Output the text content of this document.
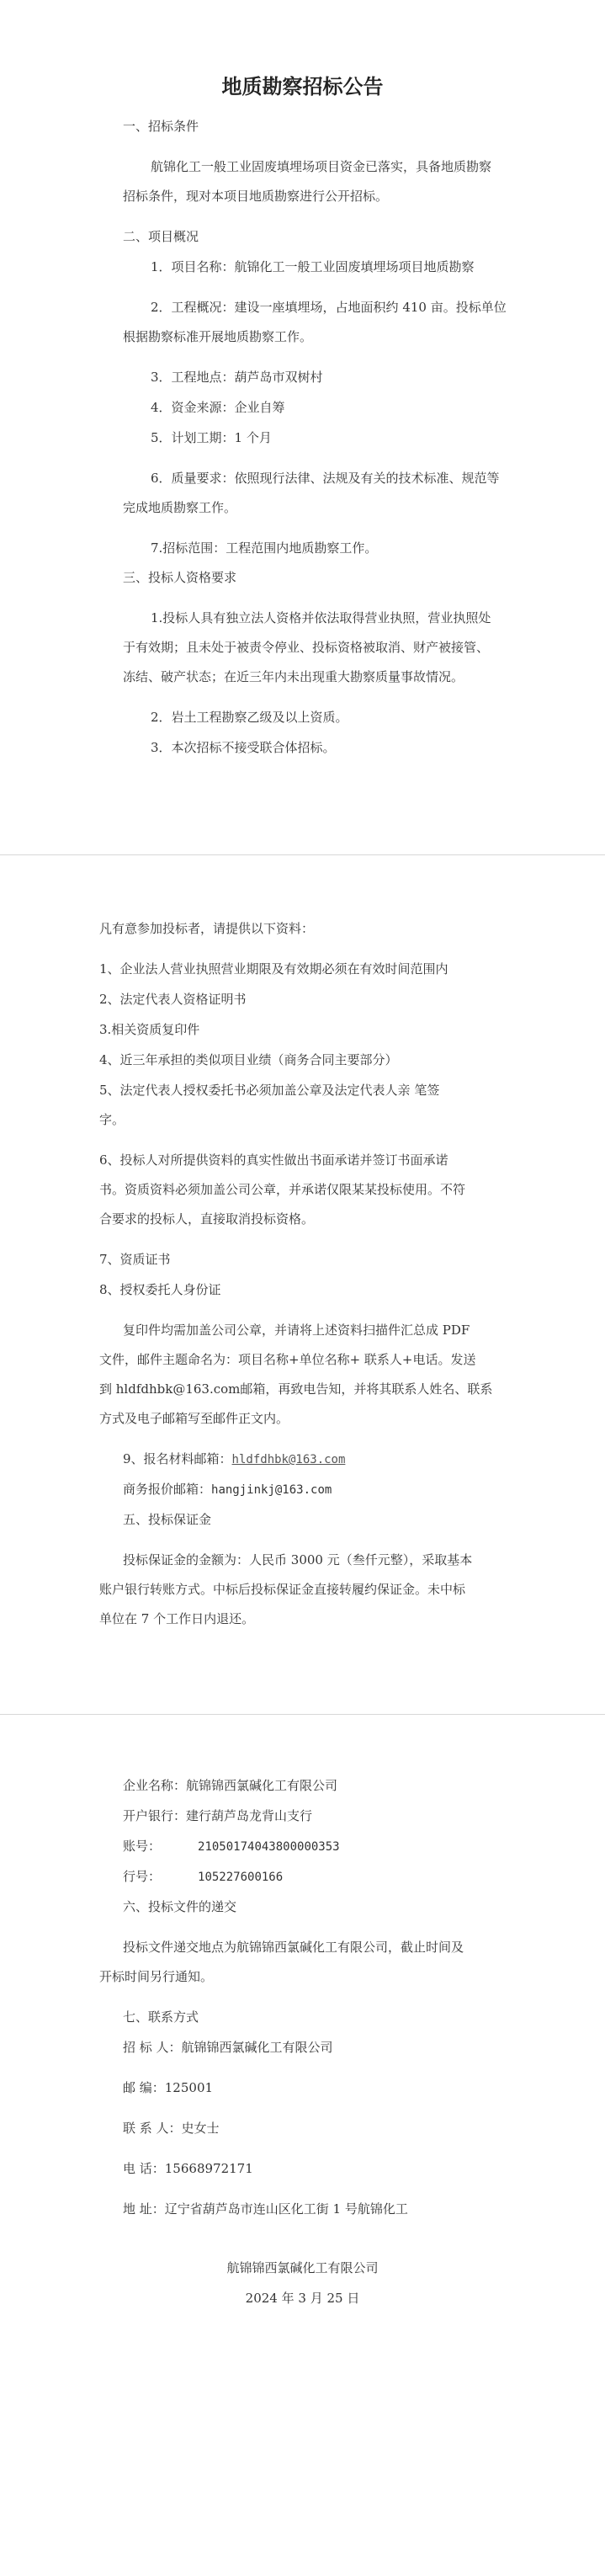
地质勘察招标公告
一、招标条件
航锦化工一般工业固废填埋场项目资金已落实，具备地质勘察
招标条件，现对本项目地质勘察进行公开招标。
二、项目概况
1．项目名称：航锦化工一般工业固废填埋场项目地质勘察
2．工程概况：建设一座填埋场，占地面积约 410 亩。投标单位
根据勘察标准开展地质勘察工作。
3．工程地点：葫芦岛市双树村
4．资金来源：企业自筹
5．计划工期：1 个月
6．质量要求：依照现行法律、法规及有关的技术标准、规范等
完成地质勘察工作。
7.招标范围：工程范围内地质勘察工作。
三、投标人资格要求
1.投标人具有独立法人资格并依法取得营业执照，营业执照处
于有效期；且未处于被责令停业、投标资格被取消、财产被接管、
冻结、破产状态；在近三年内未出现重大勘察质量事故情况。
2．岩土工程勘察乙级及以上资质。
3．本次招标不接受联合体招标。
凡有意参加投标者，请提供以下资料：
1、企业法人营业执照营业期限及有效期必须在有效时间范围内
2、法定代表人资格证明书
3.相关资质复印件
4、近三年承担的类似项目业绩（商务合同主要部分）
5、法定代表人授权委托书必须加盖公章及法定代表人亲 笔签
字。
6、投标人对所提供资料的真实性做出书面承诺并签订书面承诺
书。资质资料必须加盖公司公章，并承诺仅限某某投标使用。不符
合要求的投标人，直接取消投标资格。
7、资质证书
8、授权委托人身份证
复印件均需加盖公司公章，并请将上述资料扫描件汇总成 PDF
文件，邮件主题命名为：项目名称+单位名称+ 联系人+电话。发送
到 hldfdhbk@163.com邮箱，再致电告知，并将其联系人姓名、联系
方式及电子邮箱写至邮件正文内。
9、报名材料邮箱：hldfdhbk@163.com
商务报价邮箱：hangjinkj@163.com
五、投标保证金
投标保证金的金额为：人民币 3000 元（叁仟元整），采取基本
账户银行转账方式。中标后投标保证金直接转履约保证金。未中标
单位在 7 个工作日内退还。
企业名称：航锦锦西氯碱化工有限公司
开户银行：建行葫芦岛龙背山支行
账号：	21050174043800000353
行号：	105227600166
六、投标文件的递交
投标文件递交地点为航锦锦西氯碱化工有限公司，截止时间及
开标时间另行通知。
七、联系方式
招 标 人：航锦锦西氯碱化工有限公司
邮 编：125001
联 系 人：史女士
电 话：15668972171
地 址：辽宁省葫芦岛市连山区化工街 1 号航锦化工
航锦锦西氯碱化工有限公司
2024 年 3 月 25 日
